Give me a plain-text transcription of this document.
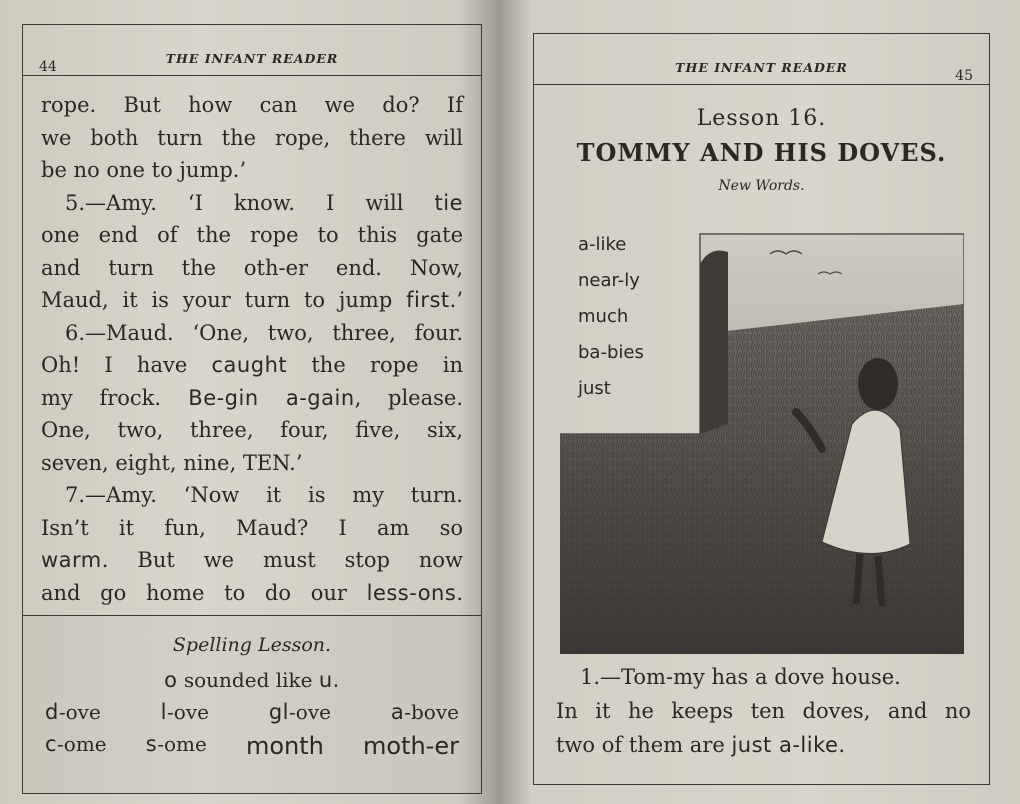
44
THE INFANT READER
rope. But how can we do? If
we both turn the rope, there will
be no one to jump.’
5.—Amy. ‘I know. I will tie
one end of the rope to this gate
and turn the oth-er end. Now,
Maud, it is your turn to jump first.’
6.—Maud. ‘One, two, three, four.
Oh! I have caught the rope in
my frock. Be-gin a-gain, please.
One, two, three, four, five, six,
seven, eight, nine, TEN.’
7.—Amy. ‘Now it is my turn.
Isn’t it fun, Maud? I am so
warm. But we must stop now
and go home to do our less-ons.
Spelling Lesson.
o sounded like u.
d-ove	l-ove	gl-ove	a-bove
c-ome s-ome month moth-er
THE INFANT READER
45
Lesson 16.
TOMMY AND HIS DOVES.
New Words.
a-like
near-ly
much
ba-bies
just
1.—Tom-my has a dove house.
In it he keeps ten doves, and no
two of them are just a-like.
